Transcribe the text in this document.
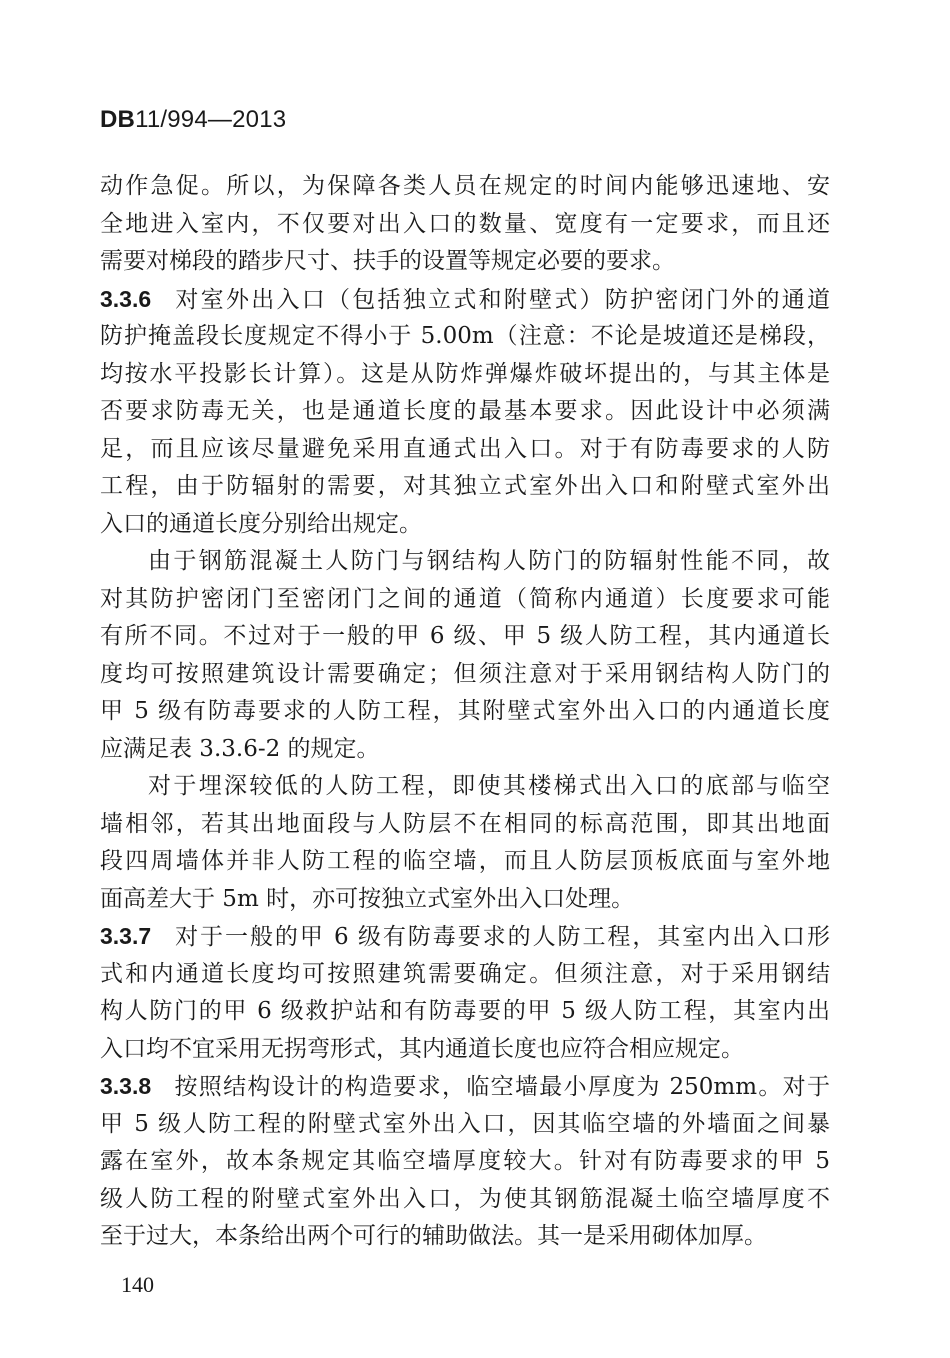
DB11/994—2013
动作急促。所以，为保障各类人员在规定的时间内能够迅速地、安
全地进入室内，不仅要对出入口的数量、宽度有一定要求，而且还
需要对梯段的踏步尺寸、扶手的设置等规定必要的要求。
3.3.6 对室外出入口（包括独立式和附壁式）防护密闭门外的通道
防护掩盖段长度规定不得小于 5.00m（注意：不论是坡道还是梯段，
均按水平投影长计算）。这是从防炸弹爆炸破坏提出的，与其主体是
否要求防毒无关，也是通道长度的最基本要求。因此设计中必须满
足，而且应该尽量避免采用直通式出入口。对于有防毒要求的人防
工程，由于防辐射的需要，对其独立式室外出入口和附壁式室外出
入口的通道长度分别给出规定。
由于钢筋混凝土人防门与钢结构人防门的防辐射性能不同，故
对其防护密闭门至密闭门之间的通道（简称内通道）长度要求可能
有所不同。不过对于一般的甲 6 级、甲 5 级人防工程，其内通道长
度均可按照建筑设计需要确定；但须注意对于采用钢结构人防门的
甲 5 级有防毒要求的人防工程，其附壁式室外出入口的内通道长度
应满足表 3.3.6-2 的规定。
对于埋深较低的人防工程，即使其楼梯式出入口的底部与临空
墙相邻，若其出地面段与人防层不在相同的标高范围，即其出地面
段四周墙体并非人防工程的临空墙，而且人防层顶板底面与室外地
面高差大于 5m 时，亦可按独立式室外出入口处理。
3.3.7 对于一般的甲 6 级有防毒要求的人防工程，其室内出入口形
式和内通道长度均可按照建筑需要确定。但须注意，对于采用钢结
构人防门的甲 6 级救护站和有防毒要的甲 5 级人防工程，其室内出
入口均不宜采用无拐弯形式，其内通道长度也应符合相应规定。
3.3.8 按照结构设计的构造要求，临空墙最小厚度为 250mm。对于
甲 5 级人防工程的附壁式室外出入口，因其临空墙的外墙面之间暴
露在室外，故本条规定其临空墙厚度较大。针对有防毒要求的甲 5
级人防工程的附壁式室外出入口，为使其钢筋混凝土临空墙厚度不
至于过大，本条给出两个可行的辅助做法。其一是采用砌体加厚。
140
